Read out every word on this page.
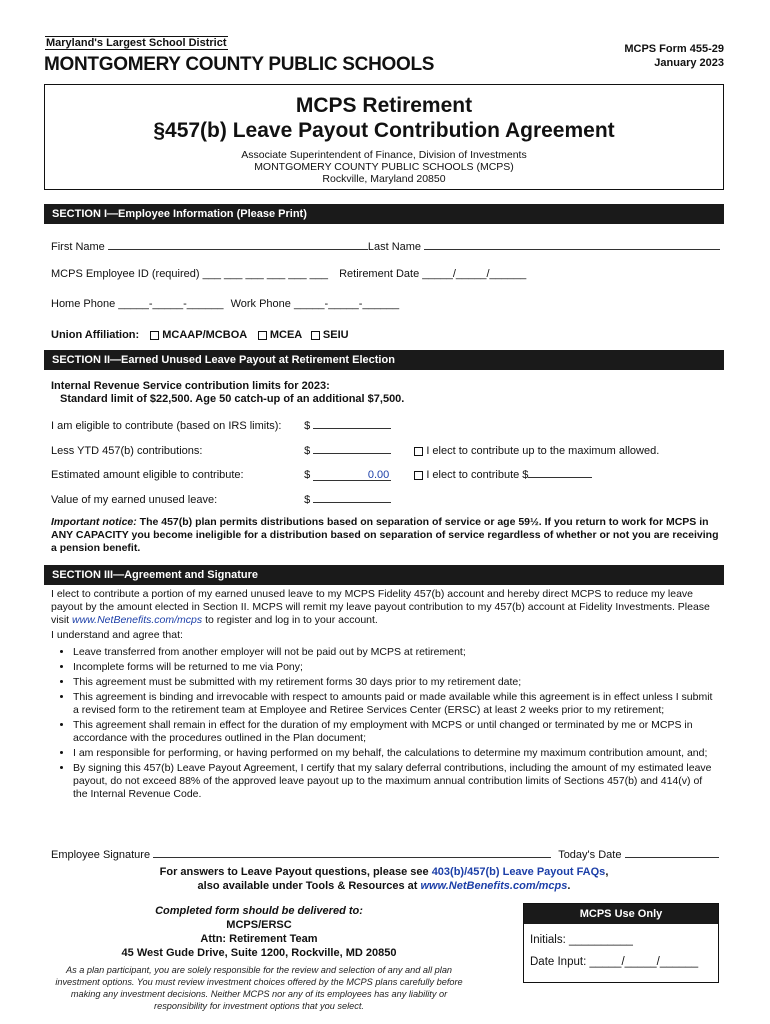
Maryland's Largest School District
MONTGOMERY COUNTY PUBLIC SCHOOLS
MCPS Form 455-29
January 2023
MCPS Retirement
§457(b) Leave Payout Contribution Agreement
Associate Superintendent of Finance, Division of Investments
MONTGOMERY COUNTY PUBLIC SCHOOLS (MCPS)
Rockville, Maryland 20850
SECTION I—Employee Information (Please Print)
First Name	Last Name
MCPS Employee ID (required) ___ ___ ___ ___ ___ ___ Retirement Date _____/_____/______
Home Phone _____-_____-______ Work Phone _____-_____-______
Union Affiliation: MCAAP/MCBOA MCEA SEIU
SECTION II—Earned Unused Leave Payout at Retirement Election
Internal Revenue Service contribution limits for 2023:
Standard limit of $22,500. Age 50 catch-up of an additional $7,500.
I am eligible to contribute (based on IRS limits): $
Less YTD 457(b) contributions:	$	I elect to contribute up to the maximum allowed.
Estimated amount eligible to contribute:	$	0.00	I elect to contribute $
Value of my earned unused leave:	$
Important notice: The 457(b) plan permits distributions based on separation of service or age 59½. If you return to work for MCPS in ANY CAPACITY you become ineligible for a distribution based on separation of service regardless of whether or not you are receiving a pension benefit.
SECTION III—Agreement and Signature
I elect to contribute a portion of my earned unused leave to my MCPS Fidelity 457(b) account and hereby direct MCPS to reduce my leave payout by the amount elected in Section II. MCPS will remit my leave payout contribution to my 457(b) account at Fidelity Investments. Please visit www.NetBenefits.com/mcps to register and log in to your account.
I understand and agree that:
• Leave transferred from another employer will not be paid out by MCPS at retirement;
• Incomplete forms will be returned to me via Pony;
• This agreement must be submitted with my retirement forms 30 days prior to my retirement date;
• This agreement is binding and irrevocable with respect to amounts paid or made available while this agreement is in effect unless I submit a revised form to the retirement team at Employee and Retiree Services Center (ERSC) at least 2 weeks prior to my retirement;
• This agreement shall remain in effect for the duration of my employment with MCPS or until changed or terminated by me or MCPS in accordance with the procedures outlined in the Plan document;
• I am responsible for performing, or having performed on my behalf, the calculations to determine my maximum contribution amount, and;
• By signing this 457(b) Leave Payout Agreement, I certify that my salary deferral contributions, including the amount of my estimated leave payout, do not exceed 88% of the approved leave payout up to the maximum annual contribution limits of Sections 457(b) and 414(v) of the Internal Revenue Code.
Employee Signature	Today's Date
For answers to Leave Payout questions, please see 403(b)/457(b) Leave Payout FAQs,
also available under Tools & Resources at www.NetBenefits.com/mcps.
Completed form should be delivered to:
MCPS/ERSC
Attn: Retirement Team
45 West Gude Drive, Suite 1200, Rockville, MD 20850
As a plan participant, you are solely responsible for the review and selection of any and all plan investment options. You must review investment choices offered by the MCPS plans carefully before making any investment decisions. Neither MCPS nor any of its employees has any liability or responsibility for investment options that you select.
MCPS Use Only
Initials: __________
Date Input: _____/_____/______
